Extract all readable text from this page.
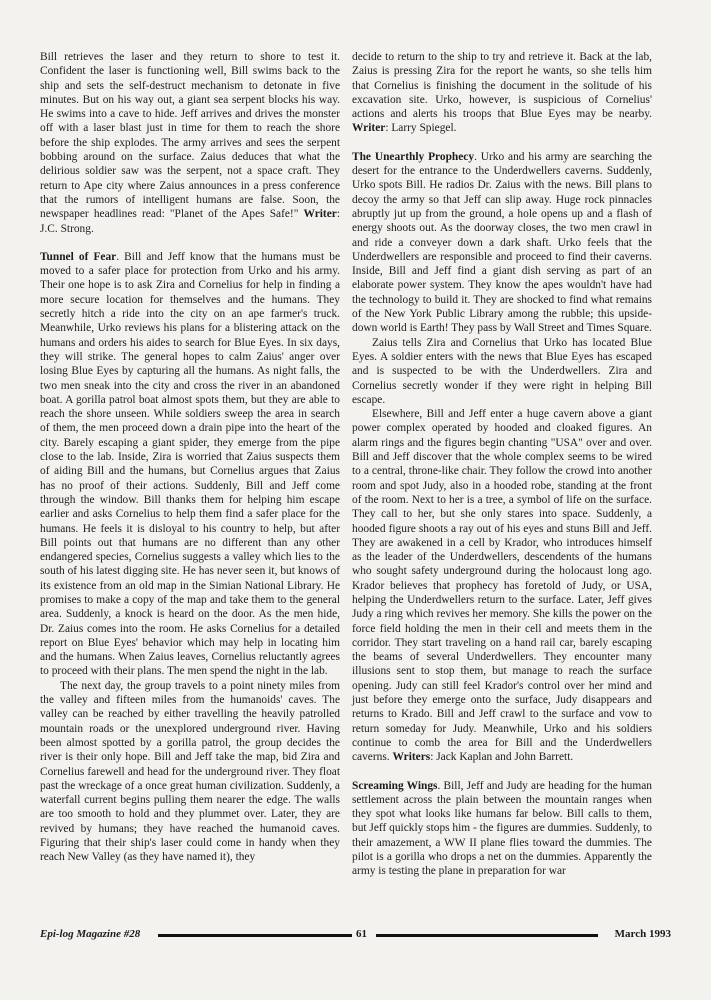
Bill retrieves the laser and they return to shore to test it. Confident the laser is functioning well, Bill swims back to the ship and sets the self-destruct mechanism to detonate in five minutes. But on his way out, a giant sea serpent blocks his way. He swims into a cave to hide. Jeff arrives and drives the monster off with a laser blast just in time for them to reach the shore before the ship explodes. The army arrives and sees the serpent bobbing around on the surface. Zaius deduces that what the delirious soldier saw was the serpent, not a space craft. They return to Ape city where Zaius announces in a press conference that the rumors of intelligent humans are false. Soon, the newspaper headlines read: "Planet of the Apes Safe!" Writer: J.C. Strong.

Tunnel of Fear. Bill and Jeff know that the humans must be moved to a safer place for protection from Urko and his army. Their one hope is to ask Zira and Cornelius for help in finding a more secure location for themselves and the humans. They secretly hitch a ride into the city on an ape farmer's truck. Meanwhile, Urko reviews his plans for a blistering attack on the humans and orders his aides to search for Blue Eyes. In six days, they will strike. The general hopes to calm Zaius' anger over losing Blue Eyes by capturing all the humans. As night falls, the two men sneak into the city and cross the river in an abandoned boat. A gorilla patrol boat almost spots them, but they are able to reach the shore unseen. While soldiers sweep the area in search of them, the men proceed down a drain pipe into the heart of the city. Barely escaping a giant spider, they emerge from the pipe close to the lab. Inside, Zira is worried that Zaius suspects them of aiding Bill and the humans, but Cornelius argues that Zaius has no proof of their actions. Suddenly, Bill and Jeff come through the window. Bill thanks them for helping him escape earlier and asks Cornelius to help them find a safer place for the humans. He feels it is disloyal to his country to help, but after Bill points out that humans are no different than any other endangered species, Cornelius suggests a valley which lies to the south of his latest digging site. He has never seen it, but knows of its existence from an old map in the Simian National Library. He promises to make a copy of the map and take them to the general area. Suddenly, a knock is heard on the door. As the men hide, Dr. Zaius comes into the room. He asks Cornelius for a detailed report on Blue Eyes' behavior which may help in locating him and the humans. When Zaius leaves, Cornelius reluctantly agrees to proceed with their plans. The men spend the night in the lab.

The next day, the group travels to a point ninety miles from the valley and fifteen miles from the humanoids' caves. The valley can be reached by either travelling the heavily patrolled mountain roads or the unexplored underground river. Having been almost spotted by a gorilla patrol, the group decides the river is their only hope. Bill and Jeff take the map, bid Zira and Cornelius farewell and head for the underground river. They float past the wreckage of a once great human civilization. Suddenly, a waterfall current begins pulling them nearer the edge. The walls are too smooth to hold and they plummet over. Later, they are revived by humans; they have reached the humanoid caves. Figuring that their ship's laser could come in handy when they reach New Valley (as they have named it), they

decide to return to the ship to try and retrieve it. Back at the lab, Zaius is pressing Zira for the report he wants, so she tells him that Cornelius is finishing the document in the solitude of his excavation site. Urko, however, is suspicious of Cornelius' actions and alerts his troops that Blue Eyes may be nearby. Writer: Larry Spiegel.

The Unearthly Prophecy. Urko and his army are searching the desert for the entrance to the Underdwellers caverns. Suddenly, Urko spots Bill. He radios Dr. Zaius with the news. Bill plans to decoy the army so that Jeff can slip away. Huge rock pinnacles abruptly jut up from the ground, a hole opens up and a flash of energy shoots out. As the doorway closes, the two men crawl in and ride a conveyer down a dark shaft. Urko feels that the Underdwellers are responsible and proceed to find their caverns. Inside, Bill and Jeff find a giant dish serving as part of an elaborate power system. They know the apes wouldn't have had the technology to build it. They are shocked to find what remains of the New York Public Library among the rubble; this upside-down world is Earth! They pass by Wall Street and Times Square.

Zaius tells Zira and Cornelius that Urko has located Blue Eyes. A soldier enters with the news that Blue Eyes has escaped and is suspected to be with the Underdwellers. Zira and Cornelius secretly wonder if they were right in helping Bill escape.

Elsewhere, Bill and Jeff enter a huge cavern above a giant power complex operated by hooded and cloaked figures. An alarm rings and the figures begin chanting "USA" over and over. Bill and Jeff discover that the whole complex seems to be wired to a central, throne-like chair. They follow the crowd into another room and spot Judy, also in a hooded robe, standing at the front of the room. Next to her is a tree, a symbol of life on the surface. They call to her, but she only stares into space. Suddenly, a hooded figure shoots a ray out of his eyes and stuns Bill and Jeff. They are awakened in a cell by Krador, who introduces himself as the leader of the Underdwellers, descendents of the humans who sought safety underground during the holocaust long ago. Krador believes that prophecy has foretold of Judy, or USA, helping the Underdwellers return to the surface. Later, Jeff gives Judy a ring which revives her memory. She kills the power on the force field holding the men in their cell and meets them in the corridor. They start traveling on a hand rail car, barely escaping the beams of several Underdwellers. They encounter many illusions sent to stop them, but manage to reach the surface opening. Judy can still feel Krador's control over her mind and just before they emerge onto the surface, Judy disappears and returns to Krado. Bill and Jeff crawl to the surface and vow to return someday for Judy. Meanwhile, Urko and his soldiers continue to comb the area for Bill and the Underdwellers caverns. Writers: Jack Kaplan and John Barrett.

Screaming Wings. Bill, Jeff and Judy are heading for the human settlement across the plain between the mountain ranges when they spot what looks like humans far below. Bill calls to them, but Jeff quickly stops him - the figures are dummies. Suddenly, to their amazement, a WW II plane flies toward the dummies. The pilot is a gorilla who drops a net on the dummies. Apparently the army is testing the plane in preparation for war

Epi-log Magazine #28	61	March 1993
